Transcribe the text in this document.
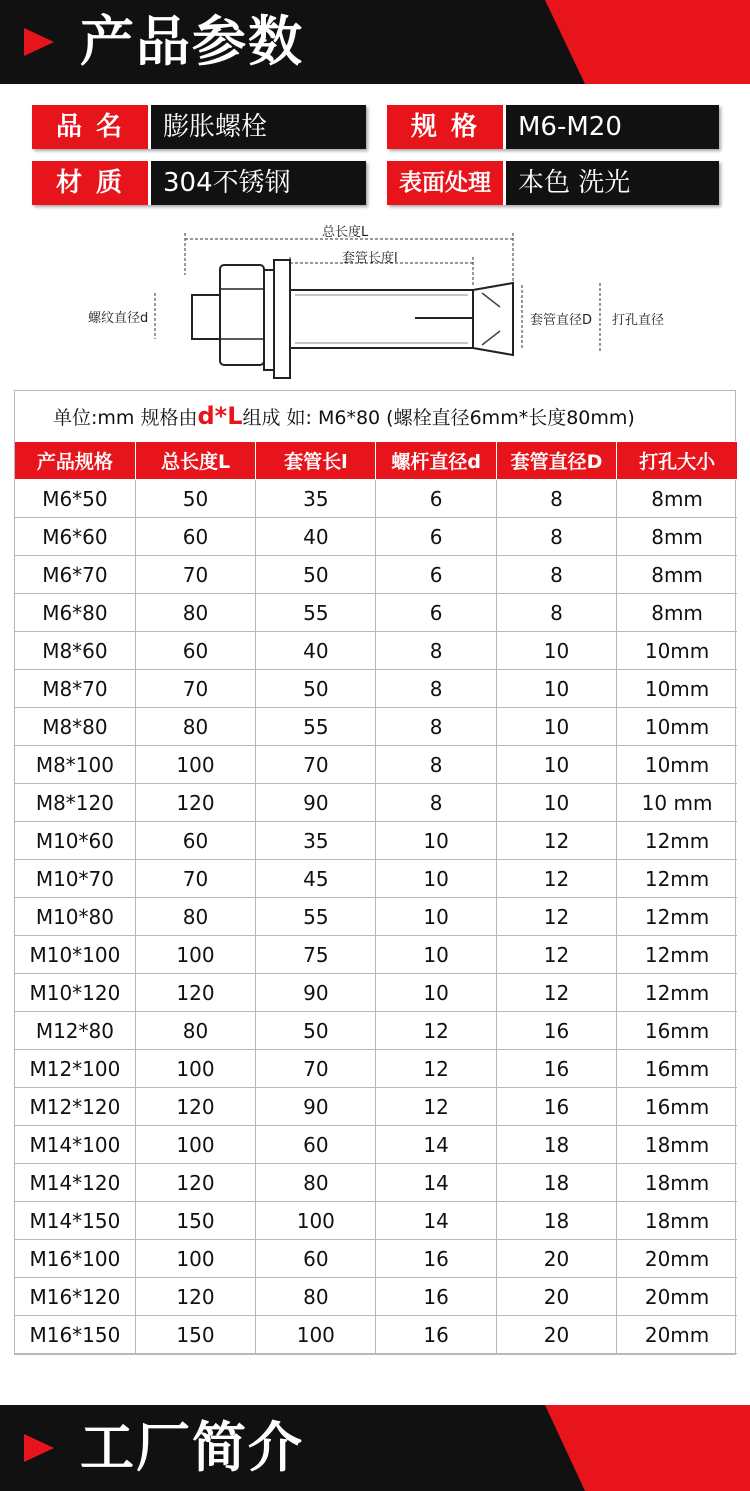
产品参数
品名	膨胀螺栓	规格	M6-M20
材质	304不锈钢	表面处理	本色 洗光
总长度L
套管长度l
螺纹直径d	套管直径D 打孔直径
单位:mm 规格由d*L组成 如: M6*80 (螺栓直径6mm*长度80mm)
产品规格	总长度L	套管长l	螺杆直径d	套管直径D	打孔大小
M6*50	50	35	6	8	8mm
M6*60	60	40	6	8	8mm
M6*70	70	50	6	8	8mm
M6*80	80	55	6	8	8mm
M8*60	60	40	8	10	10mm
M8*70	70	50	8	10	10mm
M8*80	80	55	8	10	10mm
M8*100	100	70	8	10	10mm
M8*120	120	90	8	10	10 mm
M10*60	60	35	10	12	12mm
M10*70	70	45	10	12	12mm
M10*80	80	55	10	12	12mm
M10*100	100	75	10	12	12mm
M10*120	120	90	10	12	12mm
M12*80	80	50	12	16	16mm
M12*100	100	70	12	16	16mm
M12*120	120	90	12	16	16mm
M14*100	100	60	14	18	18mm
M14*120	120	80	14	18	18mm
M14*150	150	100	14	18	18mm
M16*100	100	60	16	20	20mm
M16*120	120	80	16	20	20mm
M16*150	150	100	16	20	20mm
工厂简介
